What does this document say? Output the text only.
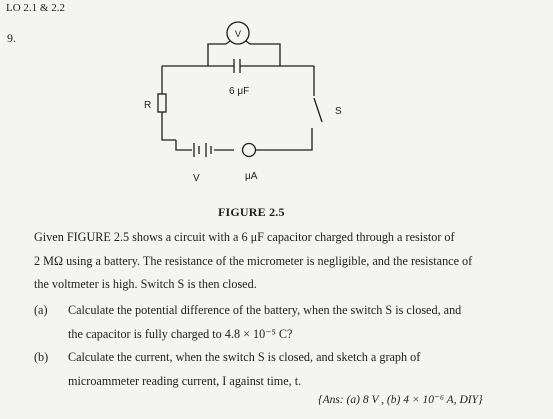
LO 2.1 & 2.2
9.	V
6 μF
R
S
V	μA
FIGURE 2.5
Given FIGURE 2.5 shows a circuit with a 6 μF capacitor charged through a resistor of
2 MΩ using a battery. The resistance of the micrometer is negligible, and the resistance of
the voltmeter is high. Switch S is then closed.
(a) Calculate the potential difference of the battery, when the switch S is closed, and
the capacitor is fully charged to 4.8 × 10⁻⁵ C?
(b) Calculate the current, when the switch S is closed, and sketch a graph of
microammeter reading current, I against time, t.
{Ans: (a) 8 V , (b) 4 × 10⁻⁶ A, DIY}
